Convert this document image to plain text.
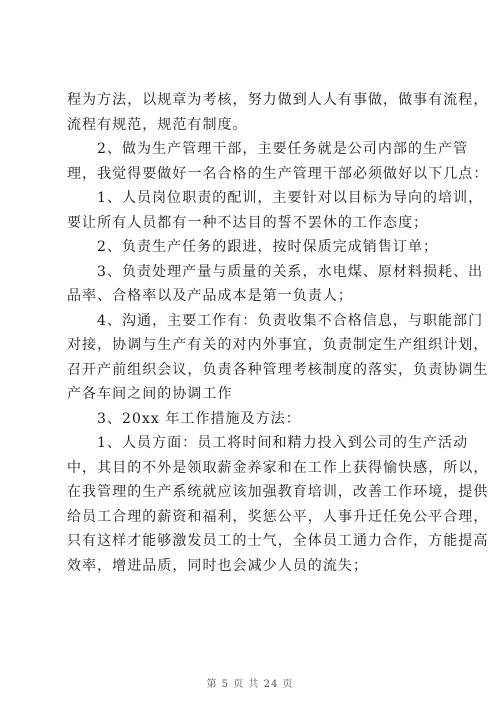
程为方法，以规章为考核，努力做到人人有事做，做事有流程，
流程有规范，规范有制度。
2、做为生产管理干部，主要任务就是公司内部的生产管
理，我觉得要做好一名合格的生产管理干部必须做好以下几点：
1、人员岗位职责的配训，主要针对以目标为导向的培训，
要让所有人员都有一种不达目的誓不罢休的工作态度；
2、负责生产任务的跟进，按时保质完成销售订单；
3、负责处理产量与质量的关系，水电煤、原材料损耗、出
品率、合格率以及产品成本是第一负责人；
4、沟通，主要工作有：负责收集不合格信息，与职能部门
对接，协调与生产有关的对内外事宜，负责制定生产组织计划，
召开产前组织会议，负责各种管理考核制度的落实，负责协调生
产各车间之间的协调工作
3、20xx 年工作措施及方法：
1、人员方面：员工将时间和精力投入到公司的生产活动
中，其目的不外是领取薪金养家和在工作上获得愉快感，所以，
在我管理的生产系统就应该加强教育培训，改善工作环境，提供
给员工合理的薪资和福利，奖惩公平，人事升迁任免公平合理，
只有这样才能够激发员工的士气，全体员工通力合作，方能提高
效率，增进品质，同时也会减少人员的流失；
第 5 页 共 24 页
